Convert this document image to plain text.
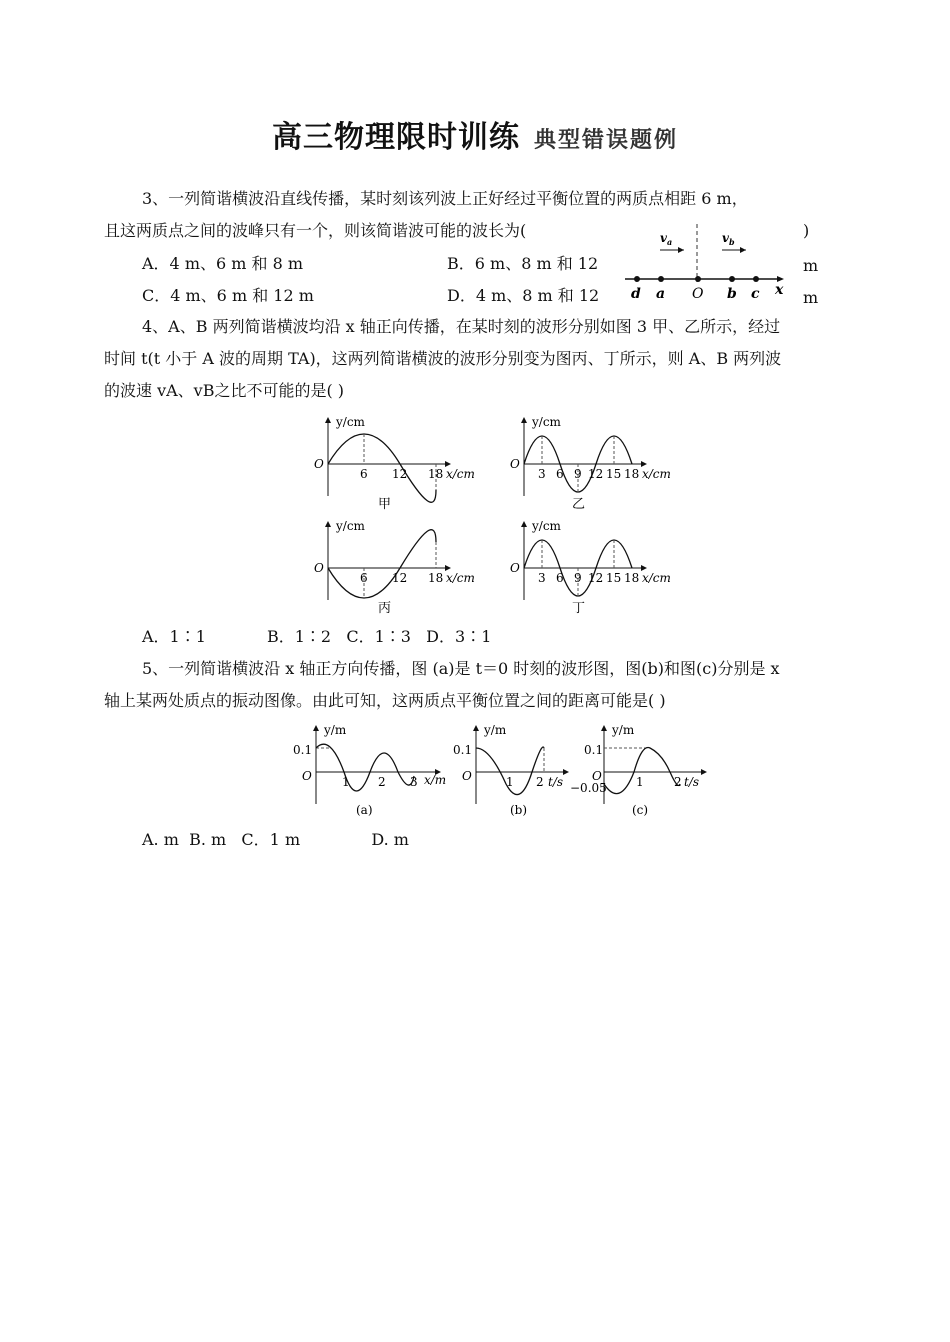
高三物理限时训练 典型错误题例
3、一列简谐横波沿直线传播，某时刻该列波上正好经过平衡位置的两质点相距 6 m，
且这两质点之间的波峰只有一个，则该简谐波可能的波长为(	)
A．4 m、6 m 和 8 m	B．6 m、8 m 和 12	m
C．4 m、6 m 和 12 m	D．4 m、8 m 和 12	m
$v_a$	$v_b$
d a O b c x
4、A、B 两列简谐横波均沿 x 轴正向传播，在某时刻的波形分别如图 3 甲、乙所示，经过
时间 t(t 小于 A 波的周期 TA)，这两列简谐横波的波形分别变为图丙、丁所示，则 A、B 两列波
的波速 vA、vB之比不可能的是( )
y/cm
O
6 12 18 x/cm
甲
y/cm
O
3 6 9 12 15 18 x/cm
乙
y/cm
O
6 12 18 x/cm
丙
y/cm
O
3 6 9 12 15 18 x/cm
丁
A．1∶1            B．1∶2   C．1∶3   D．3∶1
5、一列简谐横波沿 x 轴正方向传播，图 (a)是 t＝0 时刻的波形图，图(b)和图(c)分别是 x
轴上某两处质点的振动图像。由此可知，这两质点平衡位置之间的距离可能是( )
y/m
0.1
O	1 2 3 x/m
(a)
y/m
0.1
O	1 2 t/s
(b)
y/m
0.1
O
−0.05 1	2 t/s
(c)
A. m  B. m   C．1 m              D. m
